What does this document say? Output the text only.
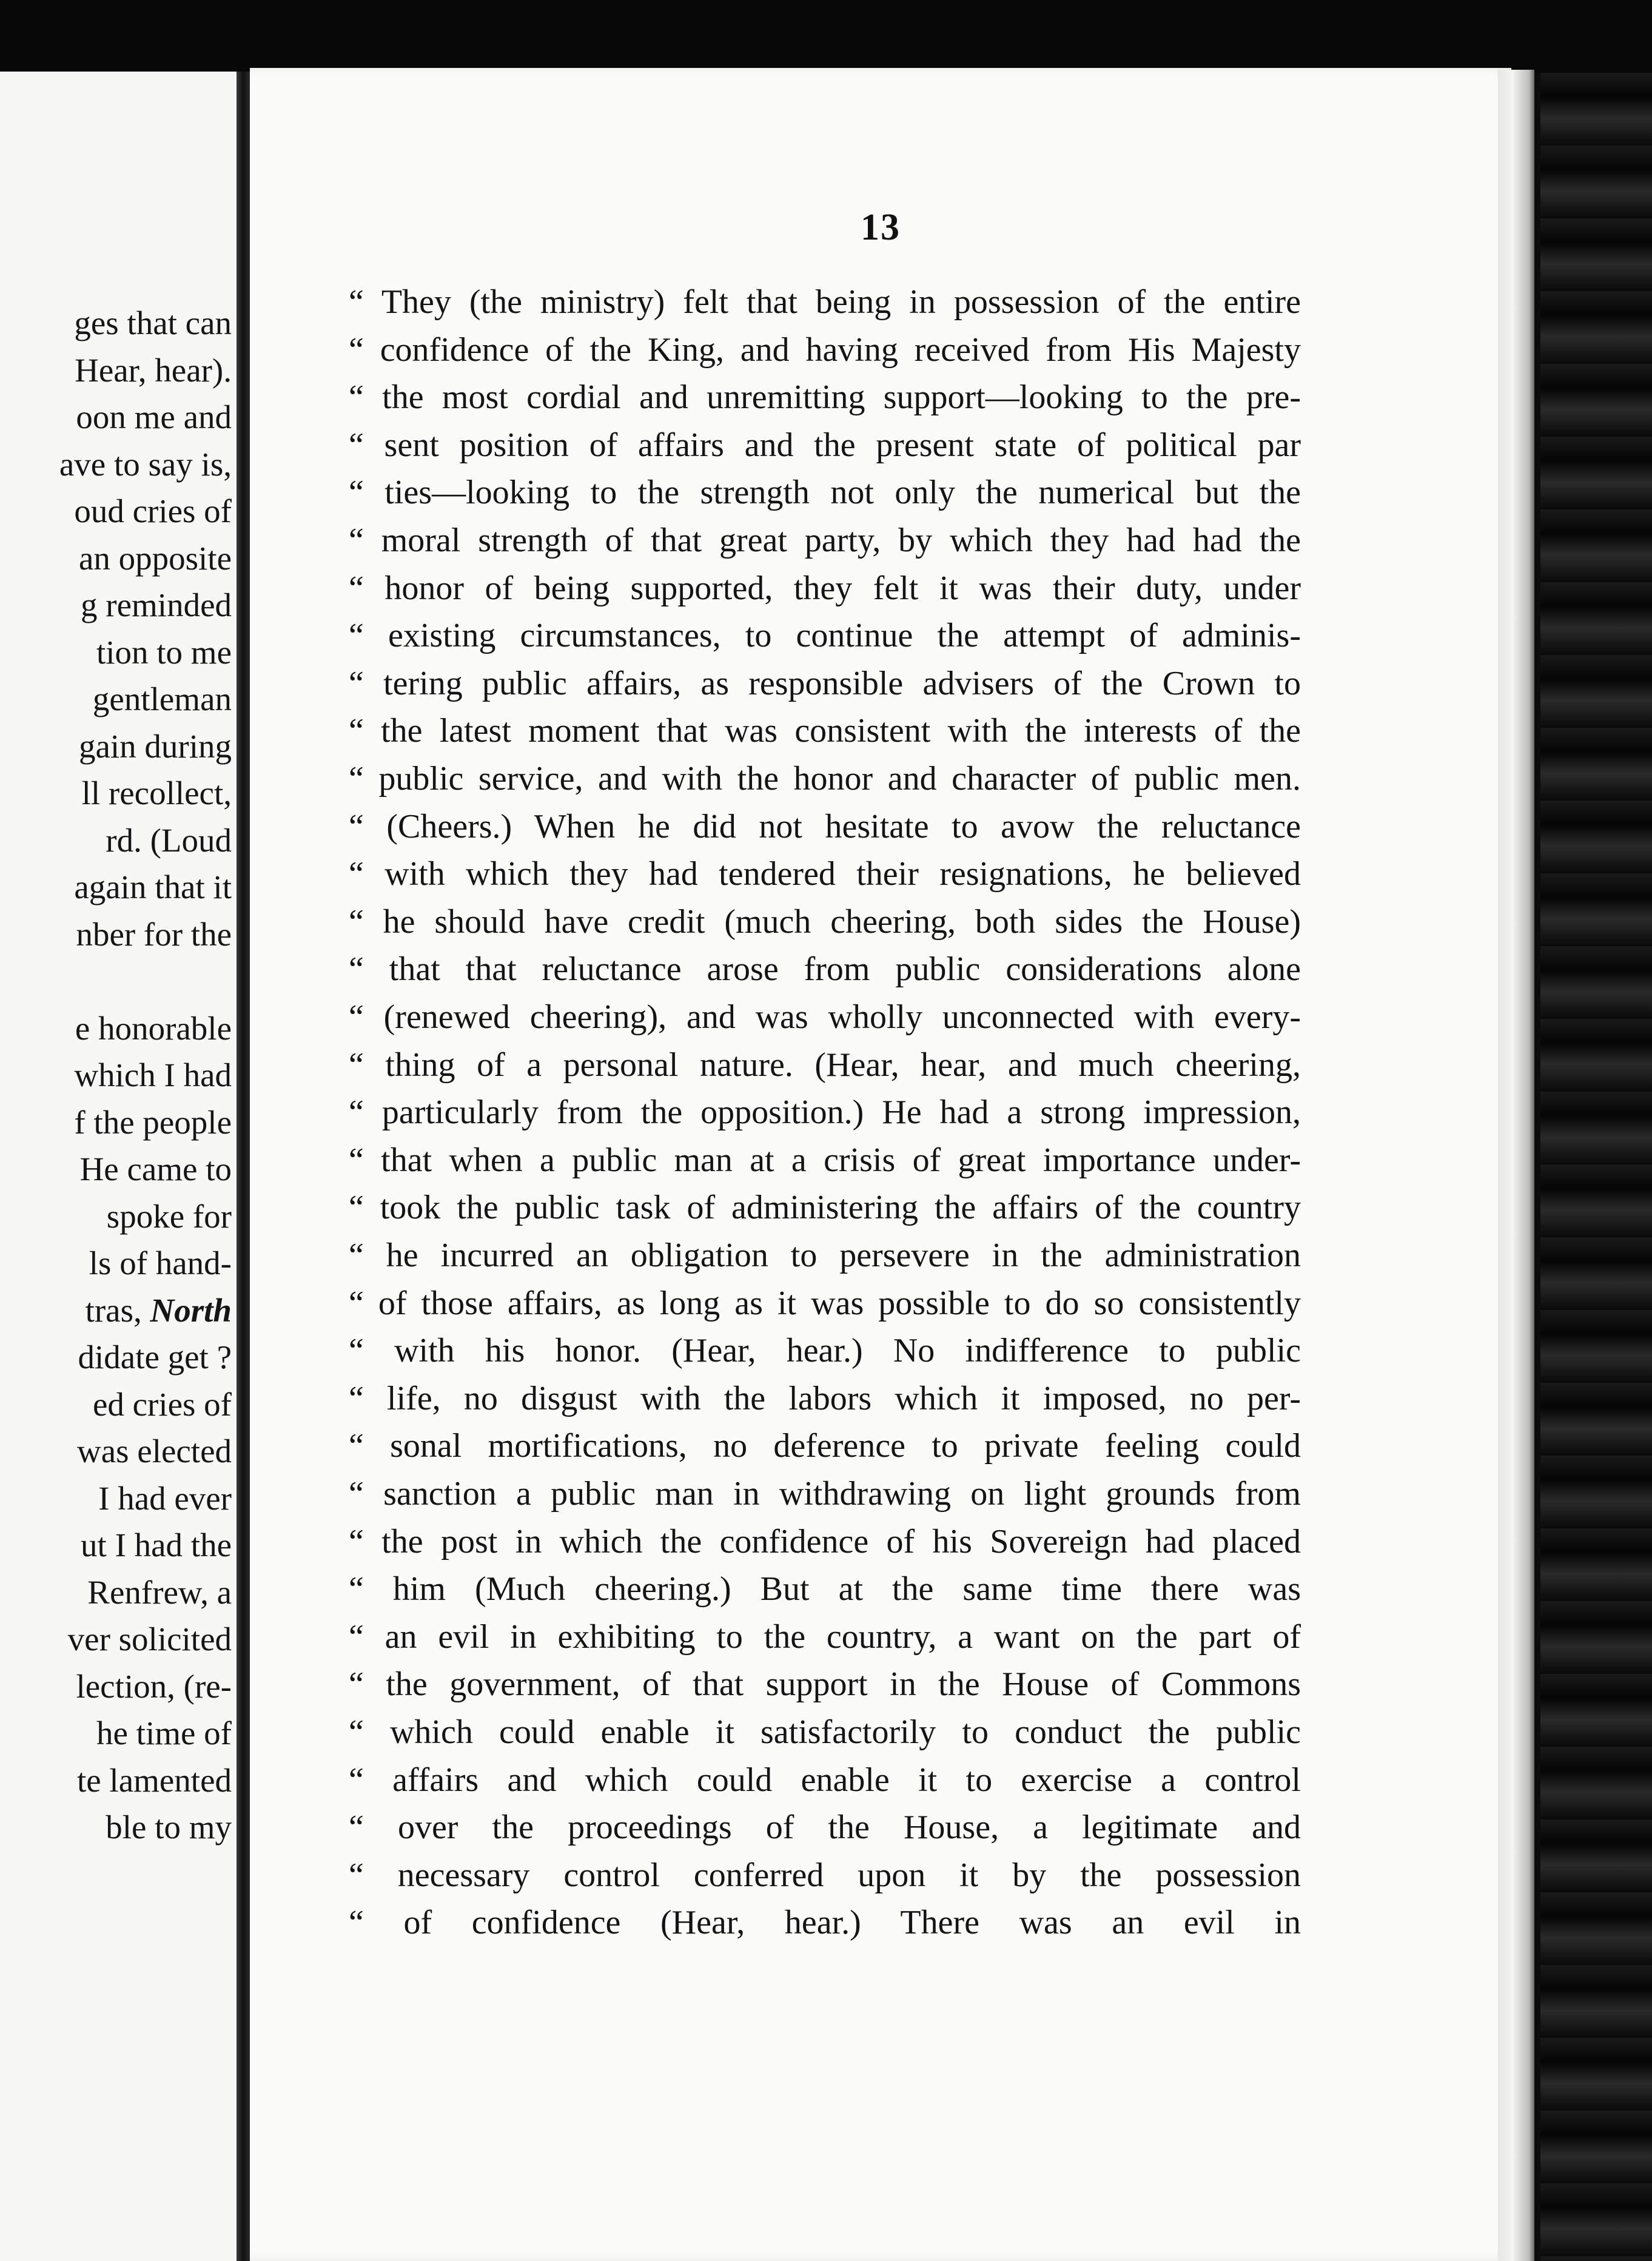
ges that can
Hear, hear).
oon me and
ave to say is,
oud cries of
an opposite
g reminded
tion to me
gentleman
gain during
ll recollect,
rd. (Loud
again that it
nber for the
e honorable
which I had
f the people
He came to
spoke for
ls of hand-
tras, North
didate get ?
ed cries of
was elected
I had ever
ut I had the
Renfrew, a
ver solicited
lection, (re-
he time of
te lamented
ble to my
13
“ They (the ministry) felt that being in possession of the entire
“ confidence of the King, and having received from His Majesty
“ the most cordial and unremitting support—looking to the pre-
“ sent position of affairs and the present state of political par
“ ties—looking to the strength not only the numerical but the
“ moral strength of that great party, by which they had had the
“ honor of being supported, they felt it was their duty, under
“ existing circumstances, to continue the attempt of adminis-
“ tering public affairs, as responsible advisers of the Crown to
“ the latest moment that was consistent with the interests of the
“ public service, and with the honor and character of public men.
“ (Cheers.) When he did not hesitate to avow the reluctance
“ with which they had tendered their resignations, he believed
“ he should have credit (much cheering, both sides the House)
“ that that reluctance arose from public considerations alone
“ (renewed cheering), and was wholly unconnected with every-
“ thing of a personal nature. (Hear, hear, and much cheering,
“ particularly from the opposition.) He had a strong impression,
“ that when a public man at a crisis of great importance under-
“ took the public task of administering the affairs of the country
“ he incurred an obligation to persevere in the administration
“ of those affairs, as long as it was possible to do so consistently
“ with his honor. (Hear, hear.) No indifference to public
“ life, no disgust with the labors which it imposed, no per-
“ sonal mortifications, no deference to private feeling could
“ sanction a public man in withdrawing on light grounds from
“ the post in which the confidence of his Sovereign had placed
“ him (Much cheering.) But at the same time there was
“ an evil in exhibiting to the country, a want on the part of
“ the government, of that support in the House of Commons
“ which could enable it satisfactorily to conduct the public
“ affairs and which could enable it to exercise a control
“ over the proceedings of the House, a legitimate and
“ necessary control conferred upon it by the possession
“ of confidence (Hear, hear.) There was an evil in
